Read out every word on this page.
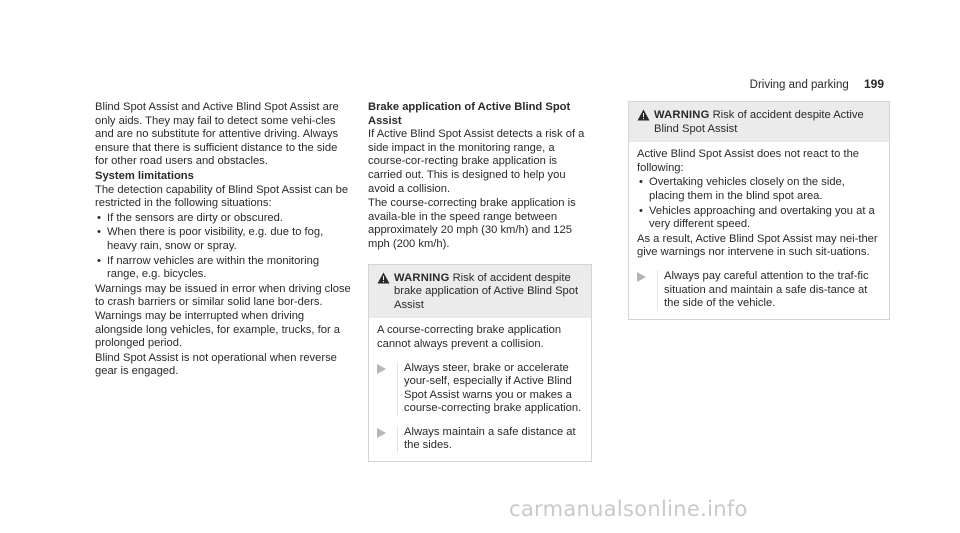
Driving and parking 199

Blind Spot Assist and Active Blind Spot Assist are only aids. They may fail to detect some vehi-cles and are no substitute for attentive driving. Always ensure that there is sufficient distance to the side for other road users and obstacles.

System limitations

The detection capability of Blind Spot Assist can be restricted in the following situations:

• If the sensors are dirty or obscured.
• When there is poor visibility, e.g. due to fog, heavy rain, snow or spray.
• If narrow vehicles are within the monitoring range, e.g. bicycles.

Warnings may be issued in error when driving close to crash barriers or similar solid lane bor-ders. Warnings may be interrupted when driving alongside long vehicles, for example, trucks, for a prolonged period.

Blind Spot Assist is not operational when reverse gear is engaged.

Brake application of Active Blind Spot Assist

If Active Blind Spot Assist detects a risk of a side impact in the monitoring range, a course-cor-recting brake application is carried out. This is designed to help you avoid a collision.

The course-correcting brake application is availa-ble in the speed range between approximately 20 mph (30 km/h) and 125 mph (200 km/h).

WARNING Risk of accident despite brake application of Active Blind Spot Assist

A course-correcting brake application cannot always prevent a collision.

Always steer, brake or accelerate your-self, especially if Active Blind Spot Assist warns you or makes a course-correcting brake application.
Always maintain a safe distance at the sides.
WARNING Risk of accident despite Active Blind Spot Assist

Active Blind Spot Assist does not react to the following:

• Overtaking vehicles closely on the side, placing them in the blind spot area.
• Vehicles approaching and overtaking you at a very different speed.

As a result, Active Blind Spot Assist may nei-ther give warnings nor intervene in such sit-uations.

Always pay careful attention to the traf-fic situation and maintain a safe dis-tance at the side of the vehicle.
carmanualsonline.info
